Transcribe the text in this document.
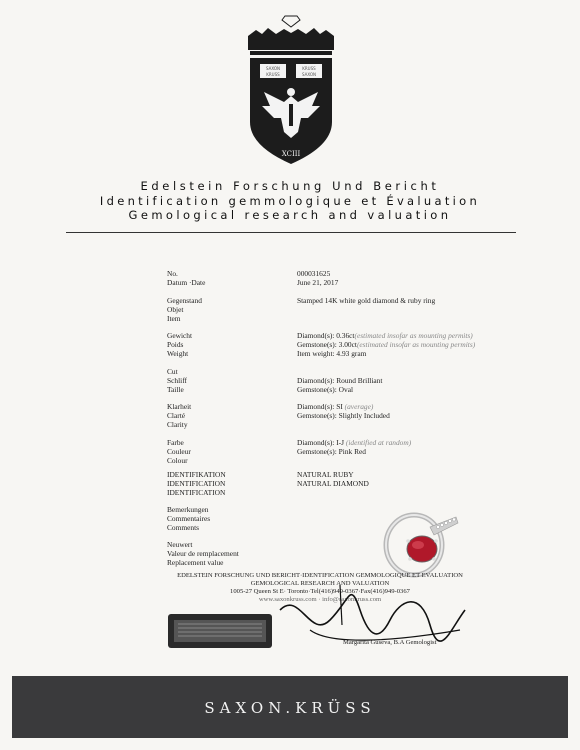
SAXON
KRUSS
KRUSS
SAXON
XCIII
Edelstein Forschung Und Bericht
Identification gemmologique et Évaluation
Gemological research and valuation
No.	000031625
Datum ·Date	June 21, 2017
Gegenstand
Objet
Item
Stamped 14K white gold diamond & ruby ring
Gewicht
Poids
Weight
Diamond(s): 0.36ct(estimated insofar as mounting permits)
Gemstone(s): 3.00ct(estimated insofar as mounting permits)
Item weight: 4.93 gram
Cut
Schliff
Taille
Diamond(s): Round Brilliant
Gemstone(s): Oval
Klarheit
Clarté
Clarity
Diamond(s): SI (average)
Gemstone(s): Slightly Included
Farbe
Couleur
Colour
Diamond(s): I-J (identified at random)
Gemstone(s): Pink Red
IDENTIFIKATION
IDENTIFICATION
IDENTIFICATION
NATURAL RUBY
NATURAL DIAMOND
Bemerkungen
Commentaires
Comments
Neuwert
Valeur de remplacement
Replacement value
EDELSTEIN FORSCHUNG UND BERICHT·IDENTIFICATION GEMMOLOGIQUE ET EVALUATION
GEMOLOGICAL RESEARCH AND VALUATION
1005-27 Queen St E· Toronto·Tel(416)949-0367·Fax(416)949-0367
www.saxonkruss.com · info@saxonkruss.com
Margarita Guseva, B.A Gemologist
SAXON.KRÜSS
